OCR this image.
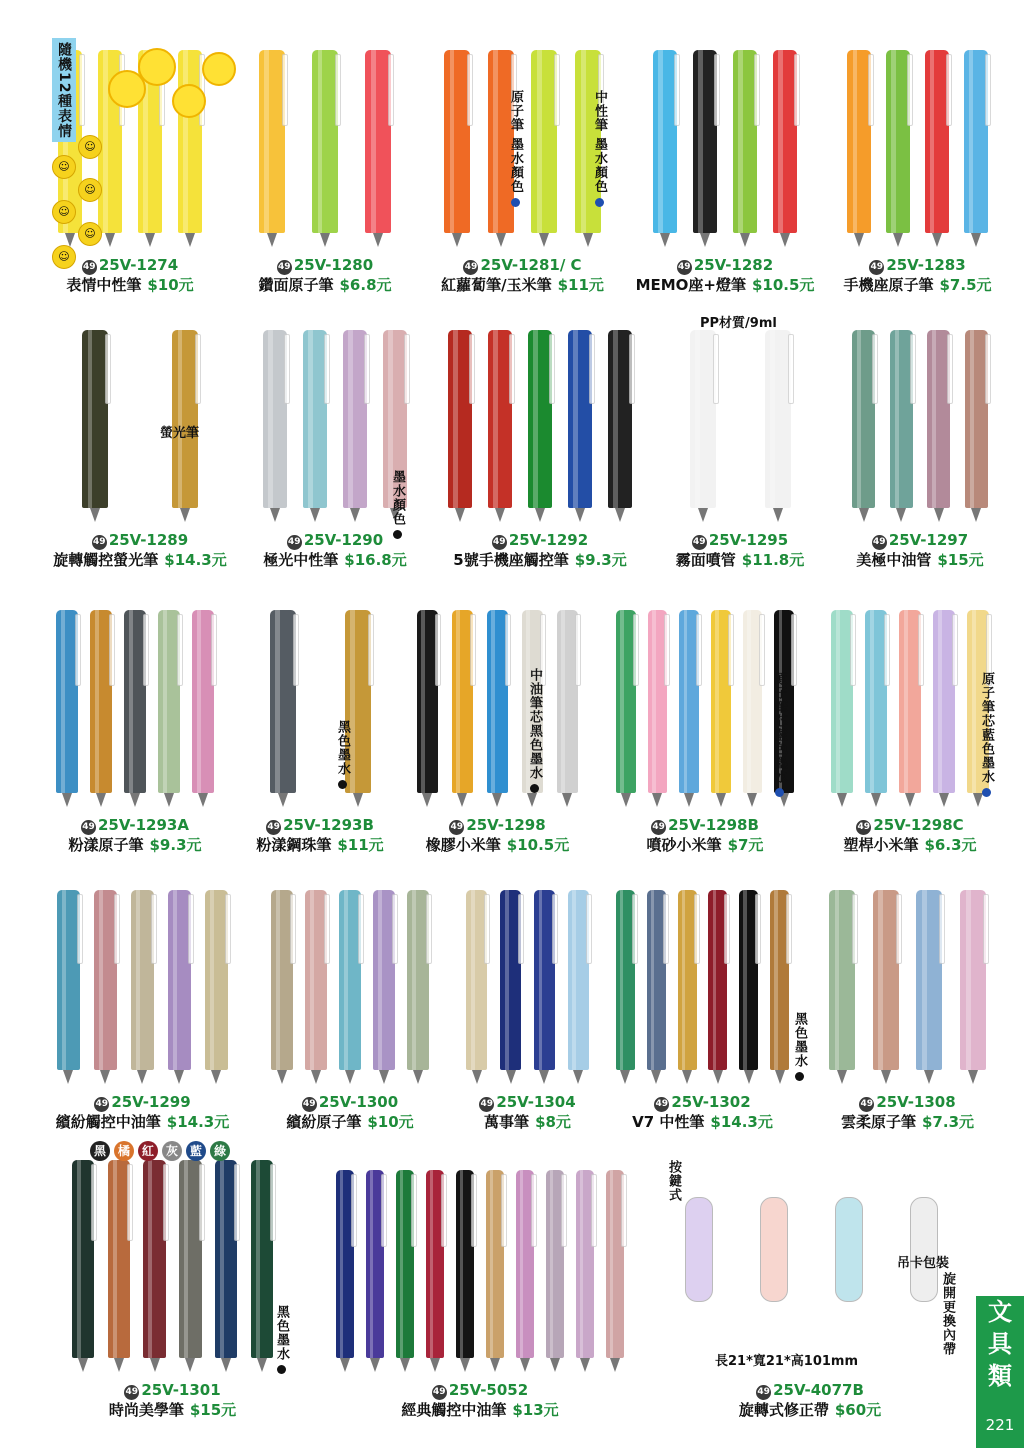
49 25V-1274
表情中性筆 $10元
49 25V-1280
鑽面原子筆 $6.8元
49 25V-1281/ C
紅蘿蔔筆/玉米筆 $11元
49 25V-1282
MEMO座+燈筆 $10.5元
49 25V-1283
手機座原子筆 $7.5元
49 25V-1289
旋轉觸控螢光筆 $14.3元
49 25V-1290
極光中性筆 $16.8元
49 25V-1292
5號手機座觸控筆 $9.3元
49 25V-1295
霧面噴管 $11.8元
49 25V-1297
美極中油管 $15元
49 25V-1293A
粉漾原子筆 $9.3元
49 25V-1293B
粉漾鋼珠筆 $11元
49 25V-1298
橡膠小米筆 $10.5元
49 25V-1298B
噴砂小米筆 $7元
49 25V-1298C
塑桿小米筆 $6.3元
49 25V-1299
繽紛觸控中油筆 $14.3元
49 25V-1300
繽紛原子筆 $10元
49 25V-1304
萬事筆 $8元
49 25V-1302
V7 中性筆 $14.3元
49 25V-1308
雲柔原子筆 $7.3元
49 25V-1301
時尚美學筆 $15元
49 25V-5052
經典觸控中油筆 $13元
49 25V-4077B
旋轉式修正帶 $60元
隨機12種表情
☺
☺
☺
☺
☺
☺
原子筆 墨水顏色	中性筆 墨水顏色
螢光筆
墨水顏色
PP材質/9ml
黑色墨水	中油筆芯黑色墨水	原子筆芯藍色墨水	原子筆芯藍色墨水
黑色墨水
黑色墨水
按鍵式
吊卡包裝
旋開更換內帶
長21*寬21*高101mm
黑 橘 紅 灰 藍 綠
文
具
類
221
